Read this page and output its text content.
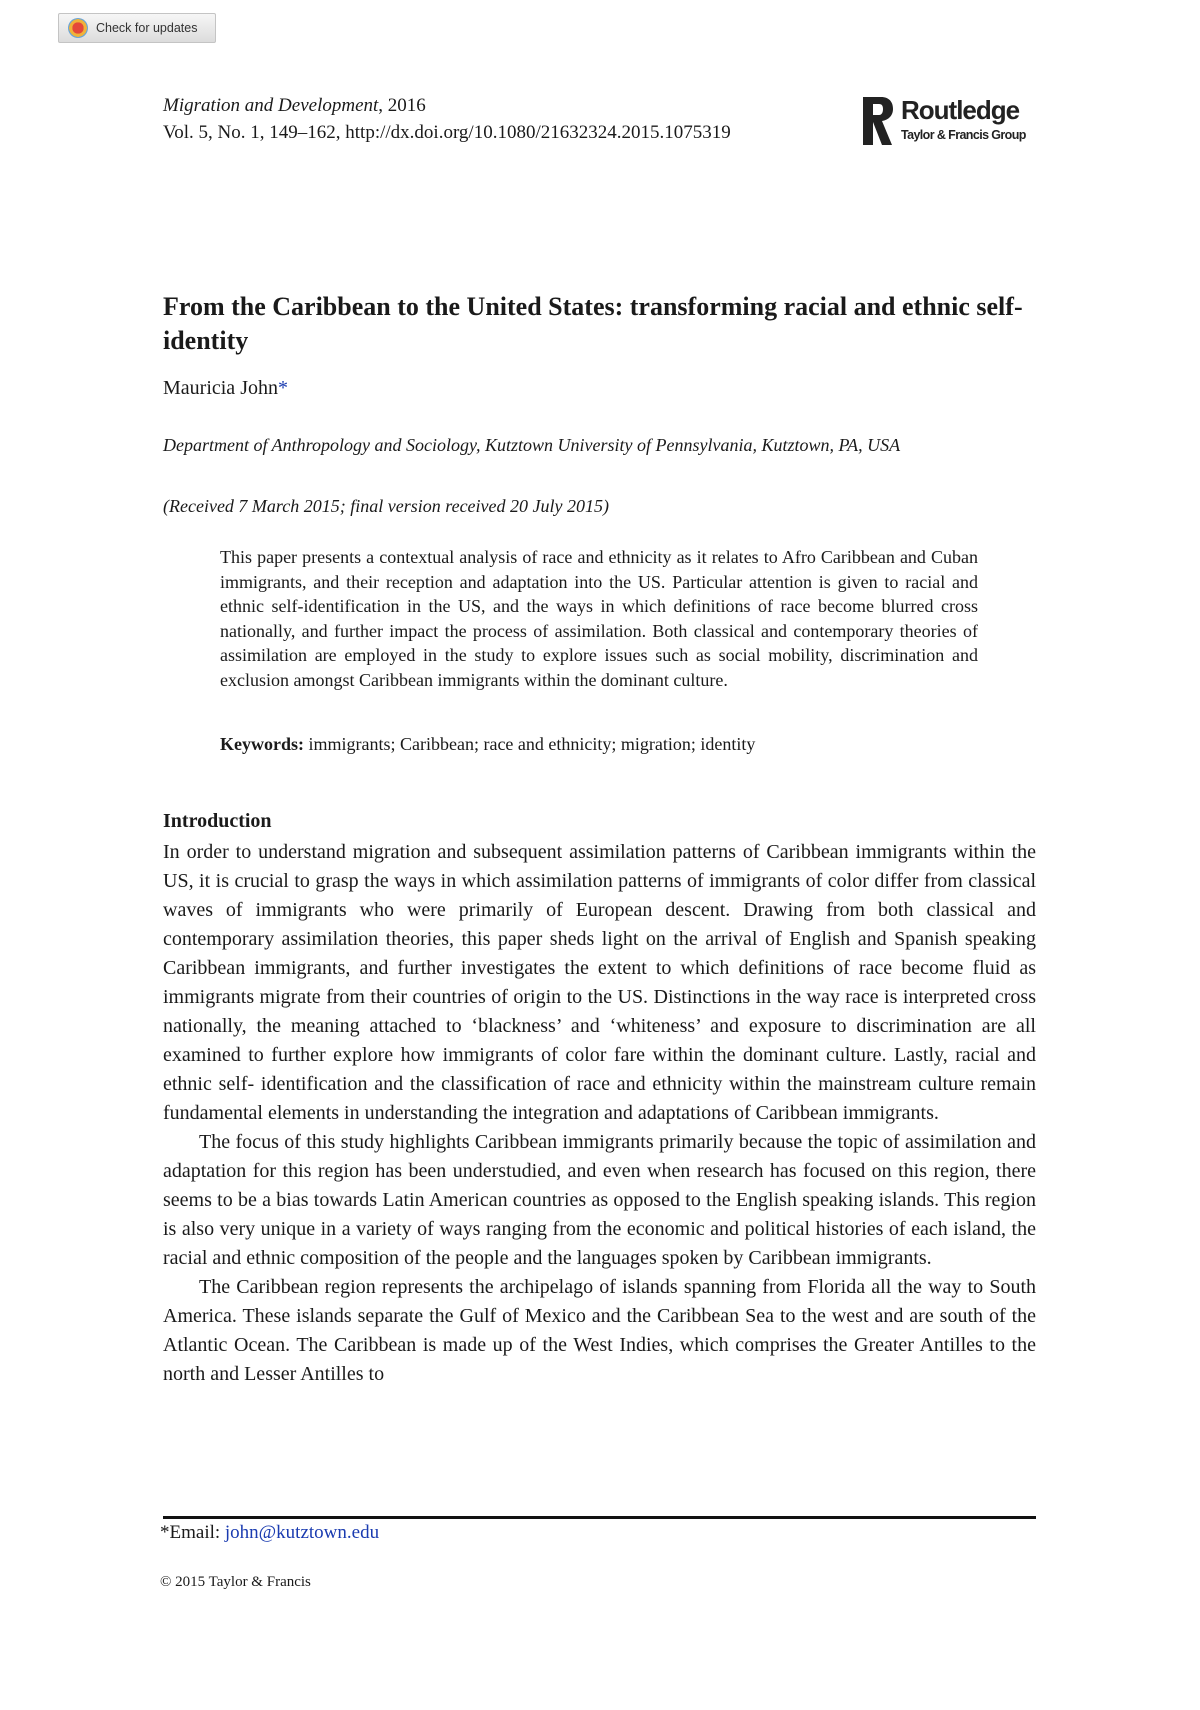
Check for updates
Migration and Development, 2016
Vol. 5, No. 1, 149–162, http://dx.doi.org/10.1080/21632324.2015.1075319
Routledge
Taylor & Francis Group
From the Caribbean to the United States: transforming racial and ethnic self-identity
Mauricia John*
Department of Anthropology and Sociology, Kutztown University of Pennsylvania, Kutztown, PA, USA
(Received 7 March 2015; final version received 20 July 2015)

This paper presents a contextual analysis of race and ethnicity as it relates to Afro Caribbean and Cuban immigrants, and their reception and adaptation into the US. Particular attention is given to racial and ethnic self-identification in the US, and the ways in which definitions of race become blurred cross nationally, and further impact the process of assimilation. Both classical and contemporary theories of assimilation are employed in the study to explore issues such as social mobility, discrimination and exclusion amongst Caribbean immigrants within the dominant culture.

Keywords: immigrants; Caribbean; race and ethnicity; migration; identity
Introduction

In order to understand migration and subsequent assimilation patterns of Caribbean immigrants within the US, it is crucial to grasp the ways in which assimilation patterns of immigrants of color differ from classical waves of immigrants who were primarily of European descent. Drawing from both classical and contemporary assimilation theories, this paper sheds light on the arrival of English and Spanish speaking Caribbean immigrants, and further investigates the extent to which definitions of race become fluid as immigrants migrate from their countries of origin to the US. Distinctions in the way race is interpreted cross nationally, the meaning attached to ‘blackness’ and ‘whiteness’ and exposure to discrimination are all examined to further explore how immigrants of color fare within the dominant culture. Lastly, racial and ethnic self- identification and the classification of race and ethnicity within the mainstream culture remain fundamental elements in understanding the integration and adaptations of Caribbean immigrants.

The focus of this study highlights Caribbean immigrants primarily because the topic of assimilation and adaptation for this region has been understudied, and even when research has focused on this region, there seems to be a bias towards Latin American countries as opposed to the English speaking islands. This region is also very unique in a variety of ways ranging from the economic and political histories of each island, the racial and ethnic composition of the people and the languages spoken by Caribbean immigrants.

The Caribbean region represents the archipelago of islands spanning from Florida all the way to South America. These islands separate the Gulf of Mexico and the Caribbean Sea to the west and are south of the Atlantic Ocean. The Caribbean is made up of the West Indies, which comprises the Greater Antilles to the north and Lesser Antilles to

*Email: john@kutztown.edu
© 2015 Taylor & Francis
